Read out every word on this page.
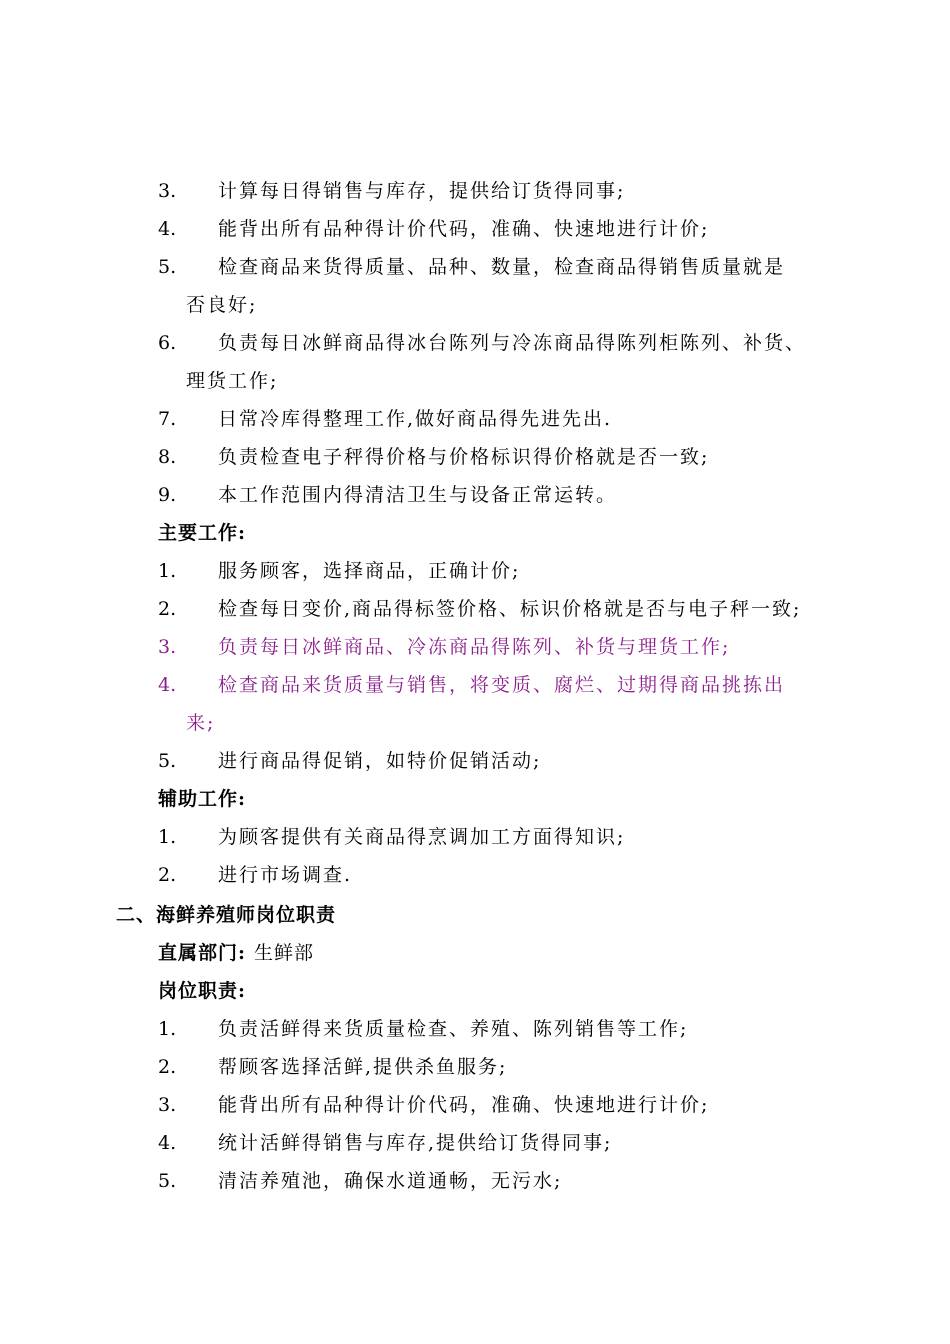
3. 计算每日得销售与库存，提供给订货得同事;
4. 能背出所有品种得计价代码，准确、快速地进行计价;
5. 检查商品来货得质量、品种、数量，检查商品得销售质量就是
否良好;
6. 负责每日冰鲜商品得冰台陈列与冷冻商品得陈列柜陈列、补货、
理货工作;
7. 日常冷库得整理工作,做好商品得先进先出.
8. 负责检查电子秤得价格与价格标识得价格就是否一致;
9. 本工作范围内得清洁卫生与设备正常运转。
主要工作:
1. 服务顾客，选择商品，正确计价;
2. 检查每日变价,商品得标签价格、标识价格就是否与电子秤一致;
3. 负责每日冰鲜商品、冷冻商品得陈列、补货与理货工作;
4. 检查商品来货质量与销售，将变质、腐烂、过期得商品挑拣出
来;
5. 进行商品得促销，如特价促销活动;
辅助工作:
1. 为顾客提供有关商品得烹调加工方面得知识;
2. 进行市场调查.
二、海鲜养殖师岗位职责
直属部门: 生鲜部
岗位职责:
1. 负责活鲜得来货质量检查、养殖、陈列销售等工作;
2. 帮顾客选择活鲜,提供杀鱼服务;
3. 能背出所有品种得计价代码，准确、快速地进行计价;
4. 统计活鲜得销售与库存,提供给订货得同事;
5. 清洁养殖池，确保水道通畅，无污水;
